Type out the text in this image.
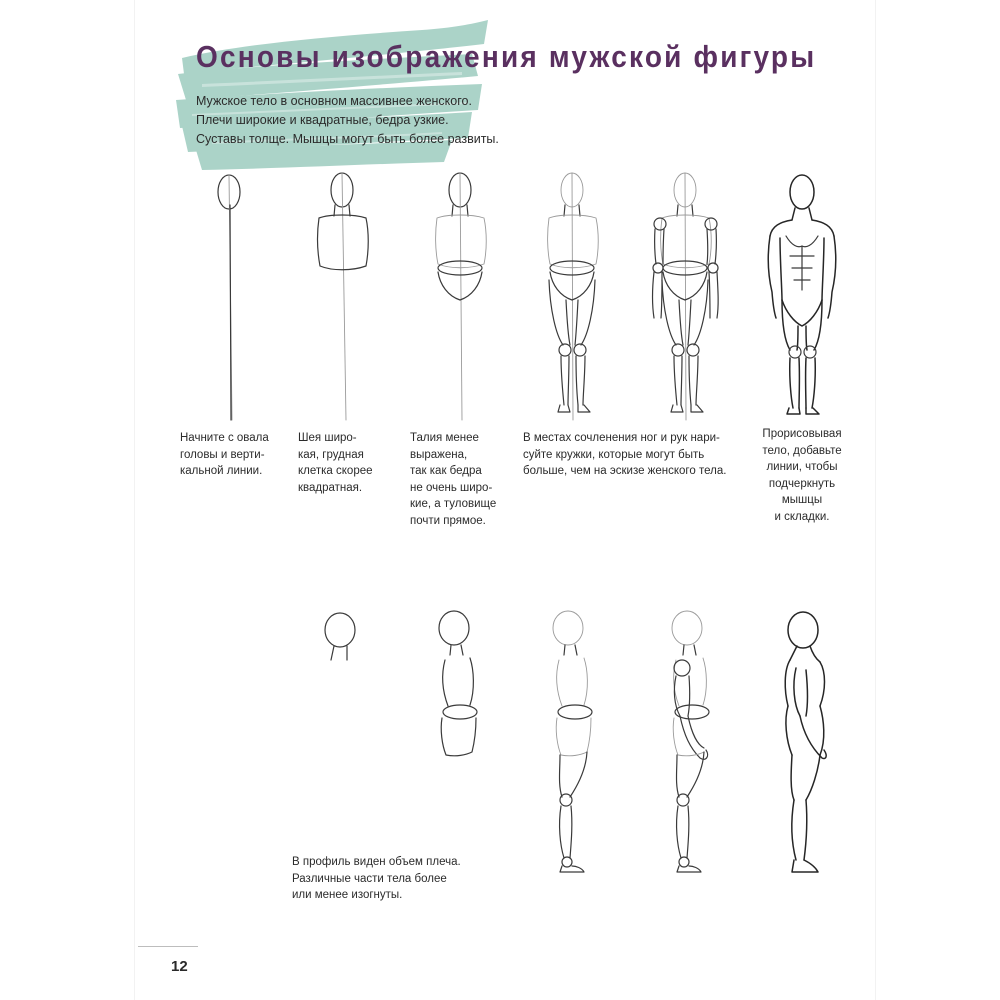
Основы изображения мужской фигуры
Мужское тело в основном массивнее женского.
Плечи широкие и квадратные, бедра узкие.
Суставы толще. Мышцы могут быть более развиты.
Начните с овала
головы и верти-
кальной линии.
Шея широ-
кая, грудная
клетка скорее
квадратная.
Талия менее
выражена,
так как бедра
не очень широ-
кие, а туловище
почти прямое.
В местах сочленения ног и рук нари-
суйте кружки, которые могут быть
больше, чем на эскизе женского тела.
Прорисовывая
тело, добавьте
линии, чтобы
подчеркнуть
мышцы
и складки.
В профиль виден объем плеча.
Различные части тела более
или менее изогнуты.
12
